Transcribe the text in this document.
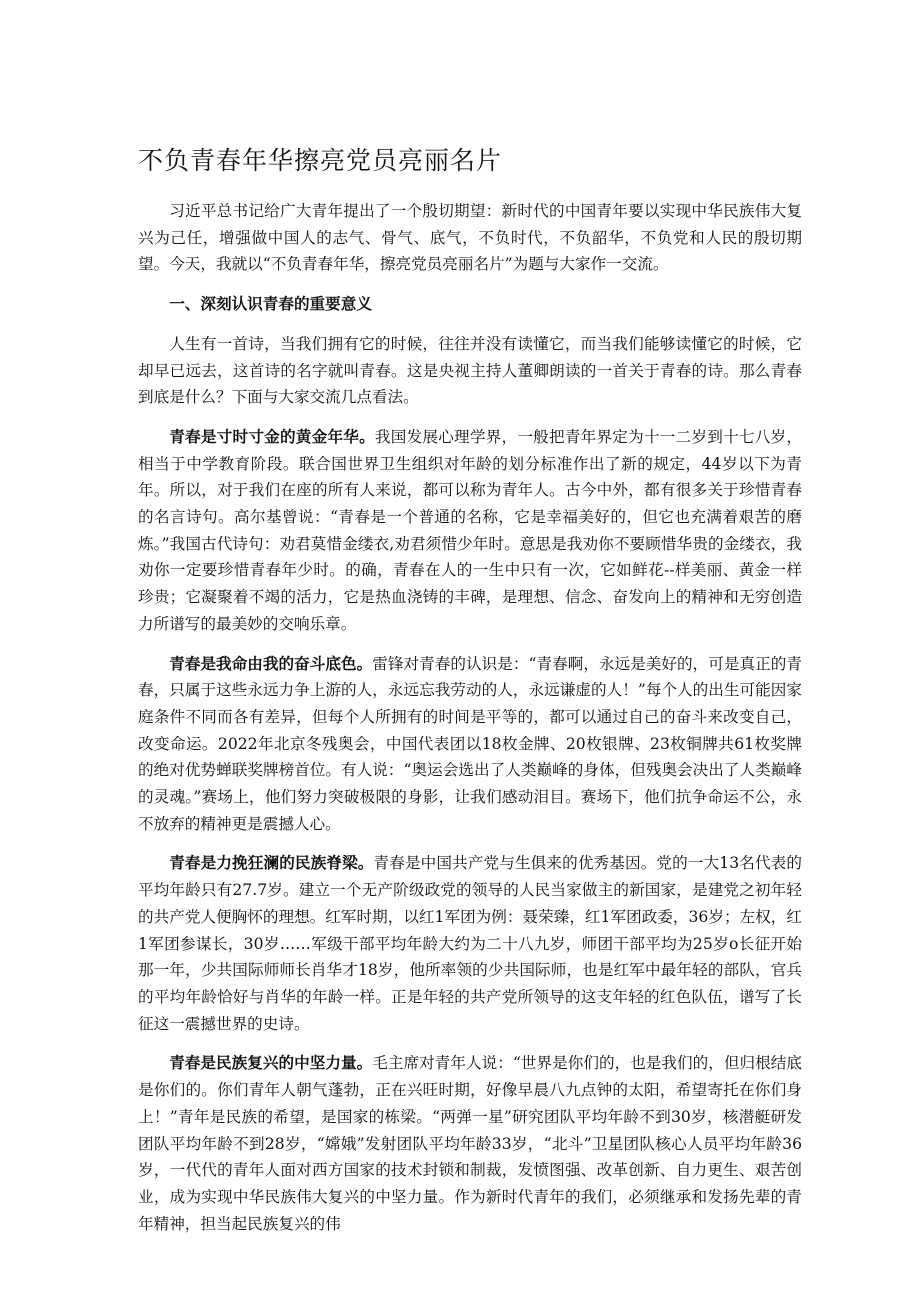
不负青春年华擦亮党员亮丽名片

习近平总书记给广大青年提出了一个殷切期望：新时代的中国青年要以实现中华民族伟大复兴为己任，增强做中国人的志气、骨气、底气，不负时代，不负韶华，不负党和人民的殷切期望。今天，我就以“不负青春年华，擦亮党员亮丽名片”为题与大家作一交流。

一、深刻认识青春的重要意义

人生有一首诗，当我们拥有它的时候，往往并没有读懂它，而当我们能够读懂它的时候，它却早已远去，这首诗的名字就叫青春。这是央视主持人董卿朗读的一首关于青春的诗。那么青春到底是什么？下面与大家交流几点看法。

青春是寸时寸金的黄金年华。我国发展心理学界，一般把青年界定为十一二岁到十七八岁，相当于中学教育阶段。联合国世界卫生组织对年龄的划分标准作出了新的规定，44岁以下为青年。所以，对于我们在座的所有人来说，都可以称为青年人。古今中外，都有很多关于珍惜青春的名言诗句。高尔基曾说：“青春是一个普通的名称，它是幸福美好的，但它也充满着艰苦的磨炼。”我国古代诗句：劝君莫惜金缕衣,劝君须惜少年时。意思是我劝你不要顾惜华贵的金缕衣，我劝你一定要珍惜青春年少时。的确，青春在人的一生中只有一次，它如鲜花--样美丽、黄金一样珍贵；它凝聚着不竭的活力，它是热血浇铸的丰碑，是理想、信念、奋发向上的精神和无穷创造力所谱写的最美妙的交响乐章。

青春是我命由我的奋斗底色。雷锋对青春的认识是：“青春啊，永远是美好的，可是真正的青春，只属于这些永远力争上游的人，永远忘我劳动的人，永远谦虚的人！”每个人的出生可能因家庭条件不同而各有差异，但每个人所拥有的时间是平等的，都可以通过自己的奋斗来改变自己，改变命运。2022年北京冬残奥会，中国代表团以18枚金牌、20枚银牌、23枚铜牌共61枚奖牌的绝对优势蝉联奖牌榜首位。有人说：“奥运会选出了人类巅峰的身体，但残奥会决出了人类巅峰的灵魂。”赛场上，他们努力突破极限的身影，让我们感动泪目。赛场下，他们抗争命运不公，永不放弃的精神更是震撼人心。

青春是力挽狂澜的民族脊梁。青春是中国共产党与生俱来的优秀基因。党的一大13名代表的平均年龄只有27.7岁。建立一个无产阶级政党的领导的人民当家做主的新国家，是建党之初年轻的共产党人便胸怀的理想。红军时期，以红1军团为例：聂荣臻，红1军团政委，36岁；左权，红1军团参谋长，30岁……军级干部平均年龄大约为二十八九岁，师团干部平均为25岁o长征开始那一年，少共国际师师长肖华才18岁，他所率领的少共国际师，也是红军中最年轻的部队，官兵的平均年龄恰好与肖华的年龄一样。正是年轻的共产党所领导的这支年轻的红色队伍，谱写了长征这一震撼世界的史诗。

青春是民族复兴的中坚力量。毛主席对青年人说：“世界是你们的，也是我们的，但归根结底是你们的。你们青年人朝气蓬勃，正在兴旺时期，好像早晨八九点钟的太阳，希望寄托在你们身上！”青年是民族的希望，是国家的栋梁。“两弹一星”研究团队平均年龄不到30岁，核潜艇研发团队平均年龄不到28岁，“嫦娥”发射团队平均年龄33岁，“北斗”卫星团队核心人员平均年龄36岁，一代代的青年人面对西方国家的技术封锁和制裁，发愤图强、改革创新、自力更生、艰苦创业，成为实现中华民族伟大复兴的中坚力量。作为新时代青年的我们，必须继承和发扬先辈的青年精神，担当起民族复兴的伟
